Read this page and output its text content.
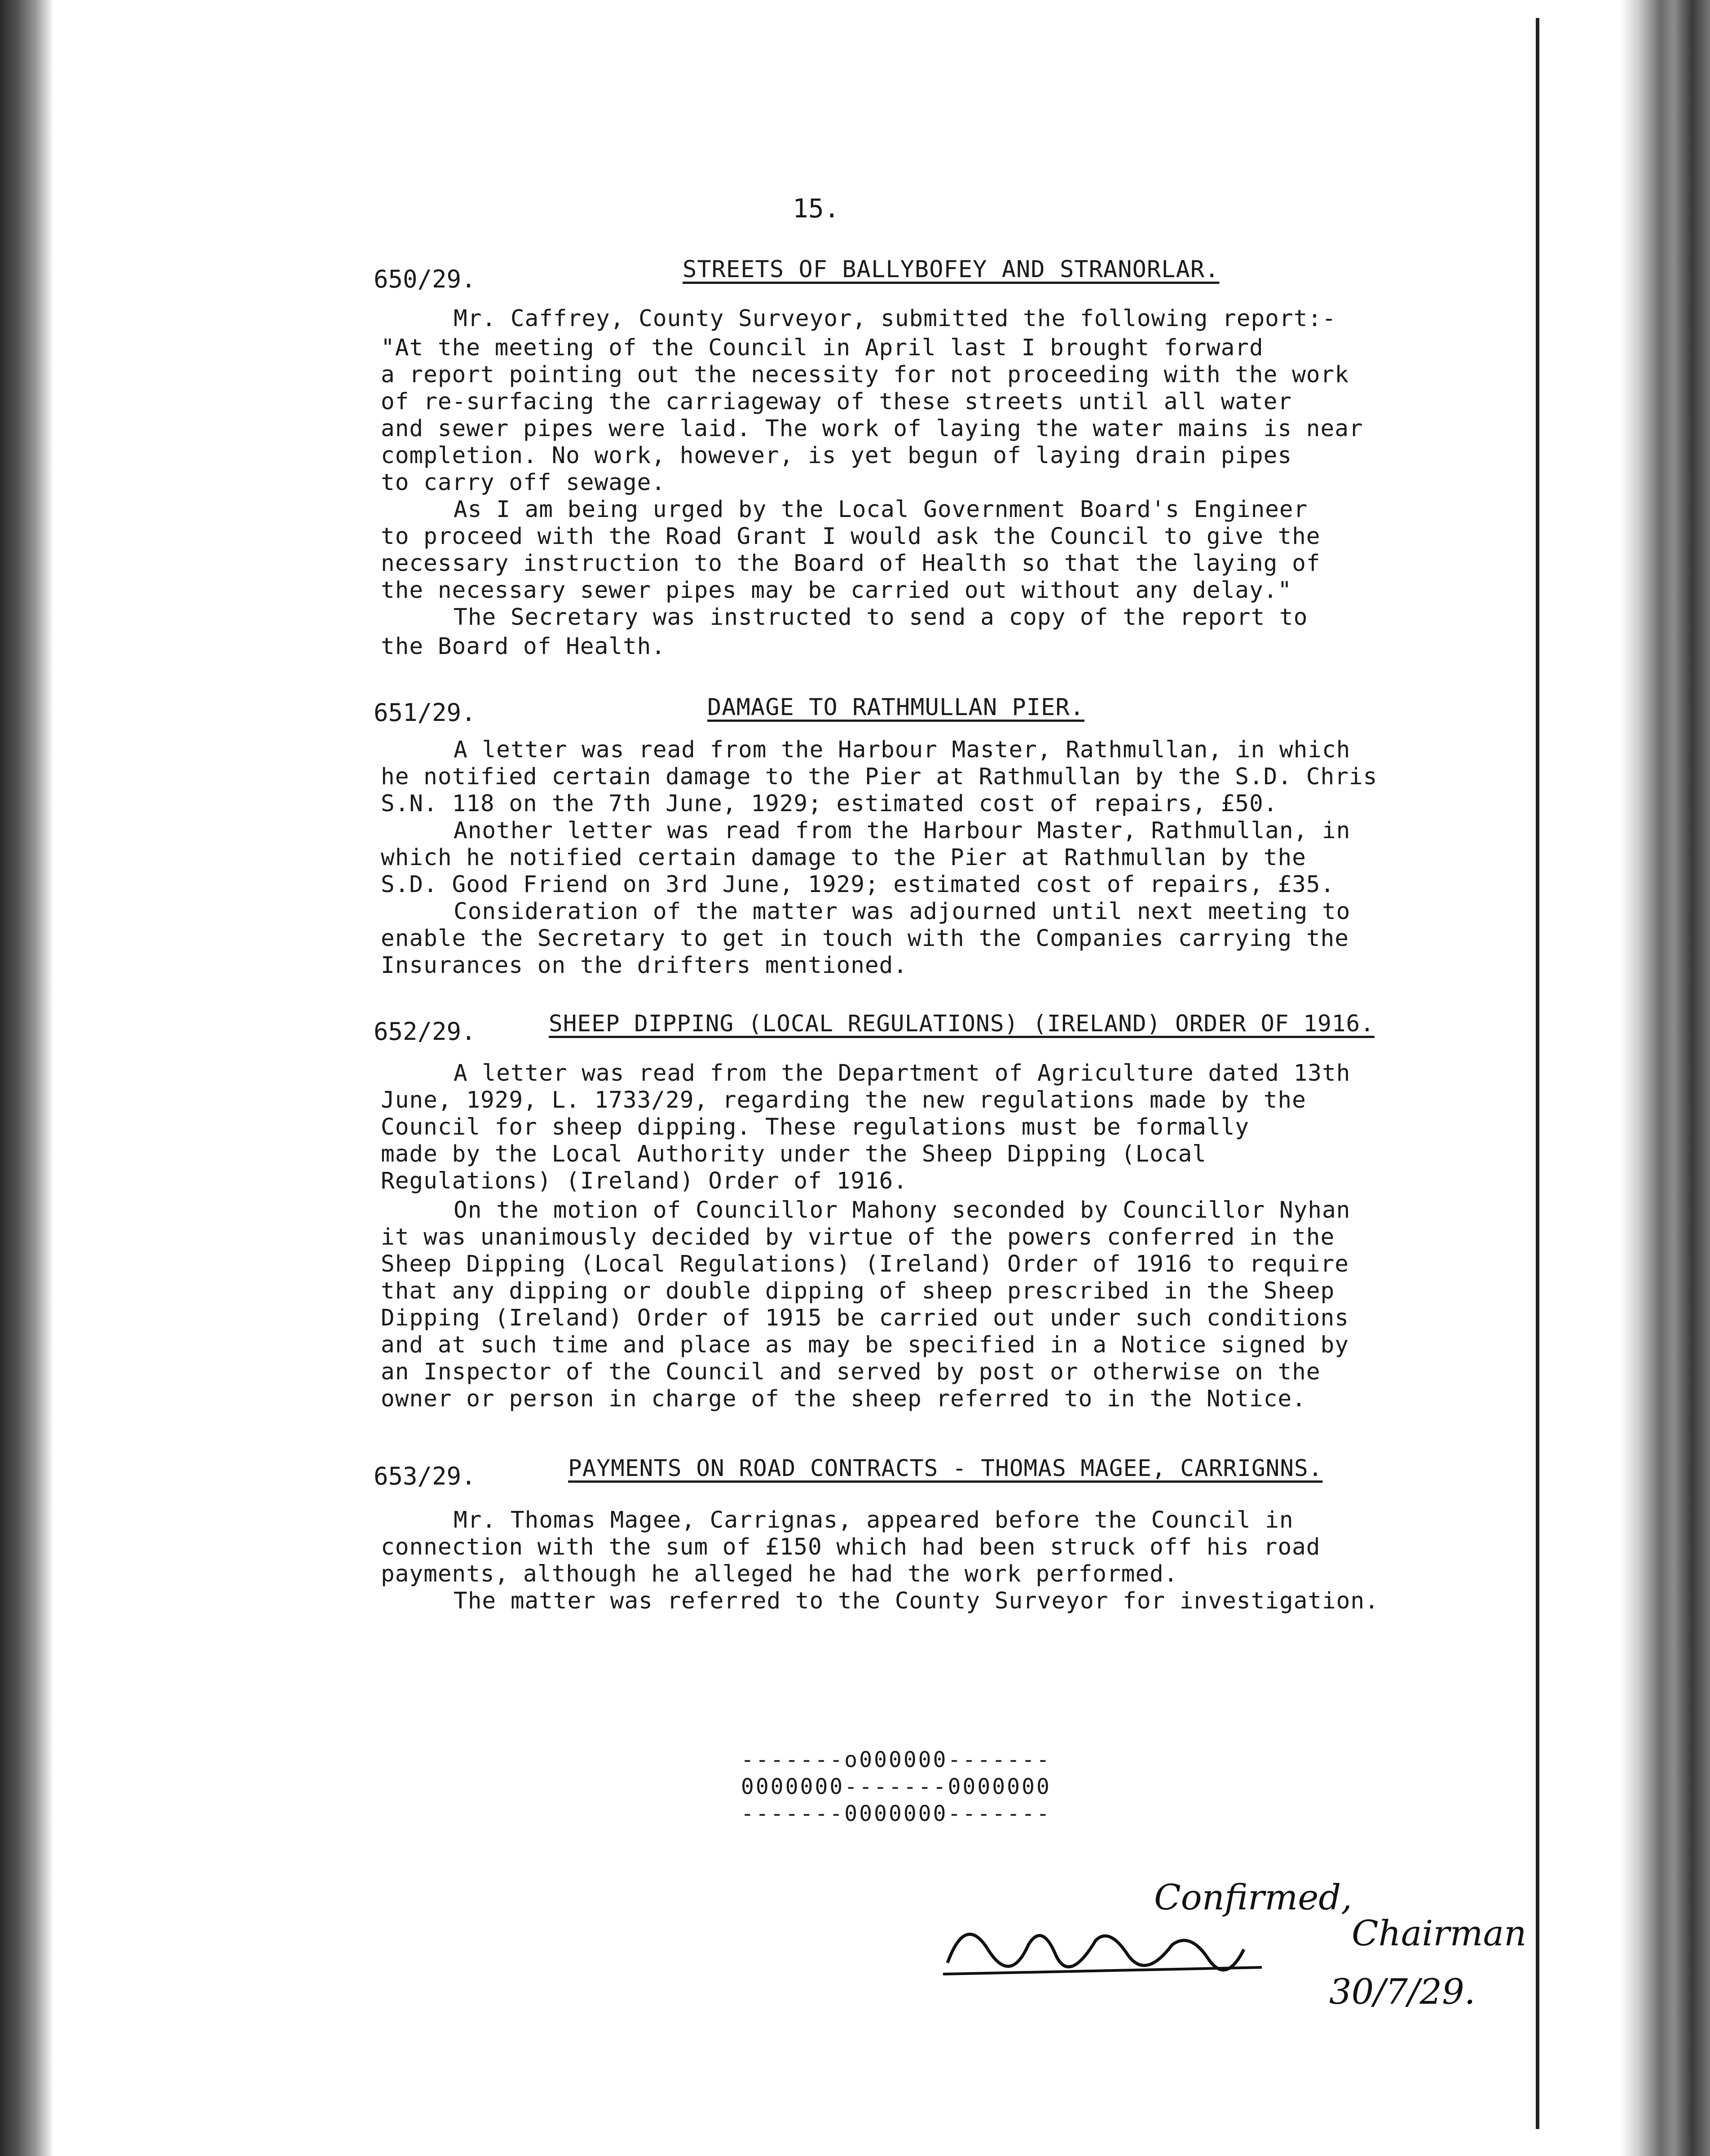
15.
650/29.	STREETS OF BALLYBOFEY AND STRANORLAR.
Mr. Caffrey, County Surveyor, submitted the following report:-
"At the meeting of the Council in April last I brought forward
a report pointing out the necessity for not proceeding with the work
of re-surfacing the carriageway of these streets until all water
and sewer pipes were laid. The work of laying the water mains is near
completion. No work, however, is yet begun of laying drain pipes
to carry off sewage.
As I am being urged by the Local Government Board's Engineer
to proceed with the Road Grant I would ask the Council to give the
necessary instruction to the Board of Health so that the laying of
the necessary sewer pipes may be carried out without any delay."
The Secretary was instructed to send a copy of the report to
the Board of Health.
651/29.	DAMAGE TO RATHMULLAN PIER.
A letter was read from the Harbour Master, Rathmullan, in which
he notified certain damage to the Pier at Rathmullan by the S.D. Chris
S.N. 118 on the 7th June, 1929; estimated cost of repairs, £50.
Another letter was read from the Harbour Master, Rathmullan, in
which he notified certain damage to the Pier at Rathmullan by the
S.D. Good Friend on 3rd June, 1929; estimated cost of repairs, £35.
Consideration of the matter was adjourned until next meeting to
enable the Secretary to get in touch with the Companies carrying the
Insurances on the drifters mentioned.
652/29.	SHEEP DIPPING (LOCAL REGULATIONS) (IRELAND) ORDER OF 1916.
A letter was read from the Department of Agriculture dated 13th
June, 1929, L. 1733/29, regarding the new regulations made by the
Council for sheep dipping. These regulations must be formally
made by the Local Authority under the Sheep Dipping (Local
Regulations) (Ireland) Order of 1916.
On the motion of Councillor Mahony seconded by Councillor Nyhan
it was unanimously decided by virtue of the powers conferred in the
Sheep Dipping (Local Regulations) (Ireland) Order of 1916 to require
that any dipping or double dipping of sheep prescribed in the Sheep
Dipping (Ireland) Order of 1915 be carried out under such conditions
and at such time and place as may be specified in a Notice signed by
an Inspector of the Council and served by post or otherwise on the
owner or person in charge of the sheep referred to in the Notice.
653/29.	PAYMENTS ON ROAD CONTRACTS - THOMAS MAGEE, CARRIGNNS.
Mr. Thomas Magee, Carrignas, appeared before the Council in
connection with the sum of £150 which had been struck off his road
payments, although he alleged he had the work performed.
The matter was referred to the County Surveyor for investigation.
-------o000000-------
0000000-------0000000
-------0000000-------
Confirmed,
Chairman
30/7/29.
